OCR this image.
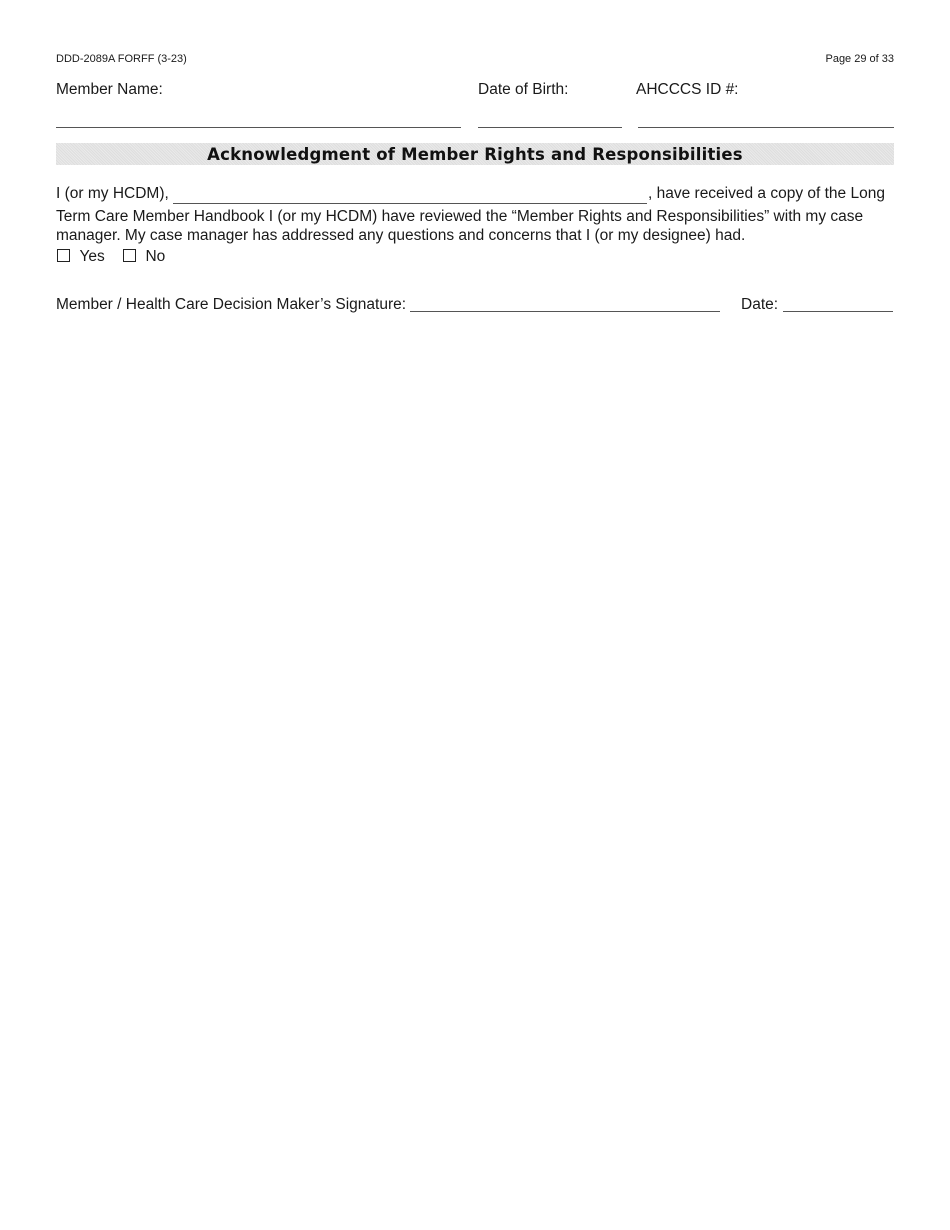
DDD-2089A FORFF (3-23)	Page 29 of 33
Member Name:	Date of Birth:	AHCCCS ID #:
Acknowledgment of Member Rights and Responsibilities
I (or my HCDM),	, have received a copy of the Long
Term Care Member Handbook I (or my HCDM) have reviewed the “Member Rights and Responsibilities” with my case
manager. My case manager has addressed any questions and concerns that I (or my designee) had.
Yes	No
Member / Health Care Decision Maker’s Signature:	Date:
